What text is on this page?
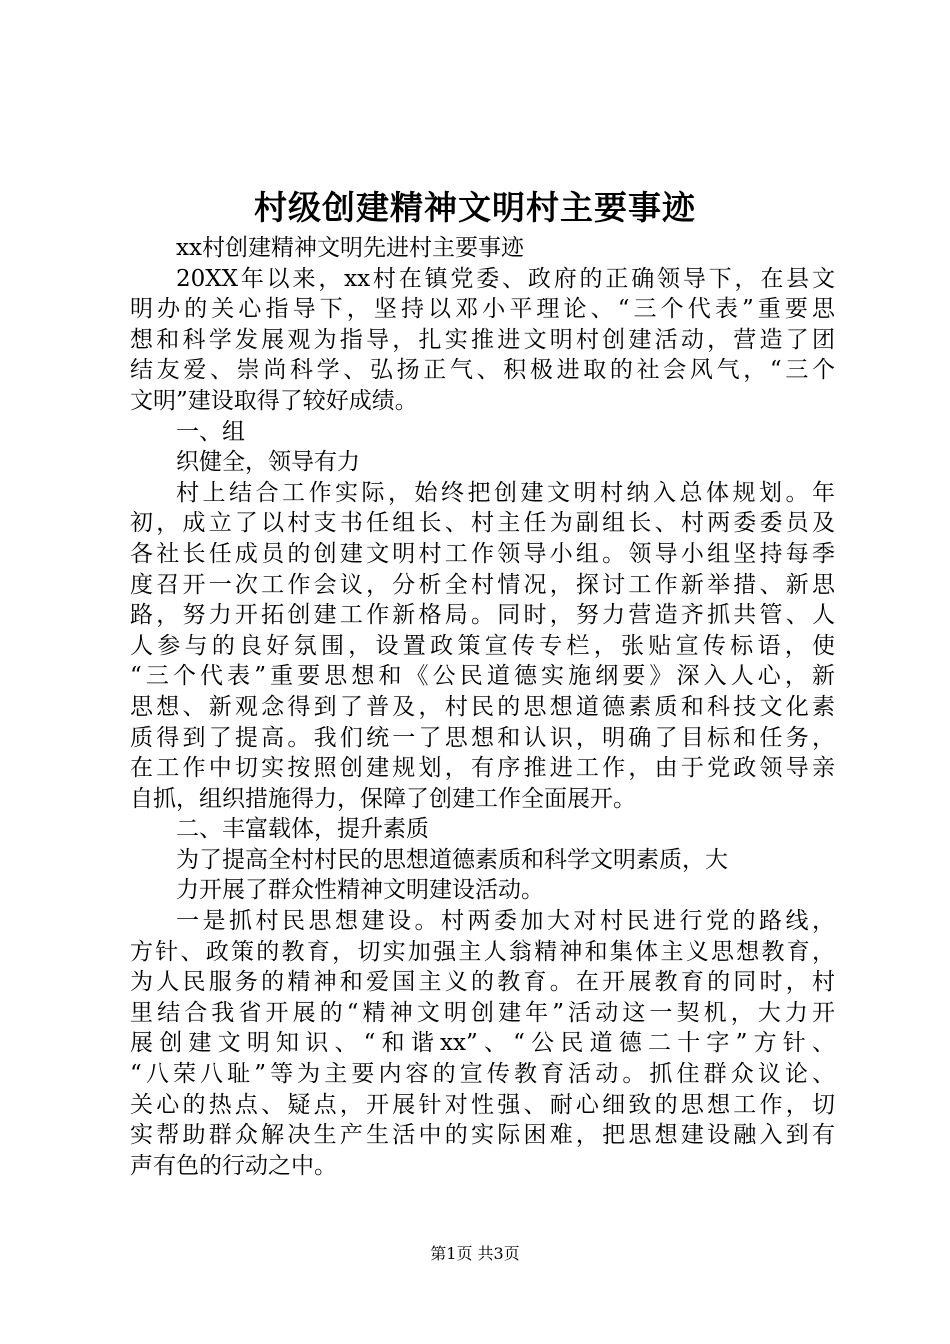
村级创建精神文明村主要事迹
xx村创建精神文明先进村主要事迹
20XX年以来，xx村在镇党委、政府的正确领导下，在县文
明办的关心指导下，坚持以邓小平理论、“三个代表”重要思
想和科学发展观为指导，扎实推进文明村创建活动，营造了团
结友爱、崇尚科学、弘扬正气、积极进取的社会风气，“三个
文明”建设取得了较好成绩。
一、组
织健全，领导有力
村上结合工作实际，始终把创建文明村纳入总体规划。年
初，成立了以村支书任组长、村主任为副组长、村两委委员及
各社长任成员的创建文明村工作领导小组。领导小组坚持每季
度召开一次工作会议，分析全村情况，探讨工作新举措、新思
路，努力开拓创建工作新格局。同时，努力营造齐抓共管、人
人参与的良好氛围，设置政策宣传专栏，张贴宣传标语，使
“三个代表”重要思想和《公民道德实施纲要》深入人心，新
思想、新观念得到了普及，村民的思想道德素质和科技文化素
质得到了提高。我们统一了思想和认识，明确了目标和任务，
在工作中切实按照创建规划，有序推进工作，由于党政领导亲
自抓，组织措施得力，保障了创建工作全面展开。
二、丰富载体，提升素质
为了提高全村村民的思想道德素质和科学文明素质，大
力开展了群众性精神文明建设活动。
一是抓村民思想建设。村两委加大对村民进行党的路线，
方针、政策的教育，切实加强主人翁精神和集体主义思想教育，
为人民服务的精神和爱国主义的教育。在开展教育的同时，村
里结合我省开展的“精神文明创建年”活动这一契机，大力开
展创建文明知识、“和谐xx”、“公民道德二十字”方针、
“八荣八耻”等为主要内容的宣传教育活动。抓住群众议论、
关心的热点、疑点，开展针对性强、耐心细致的思想工作，切
实帮助群众解决生产生活中的实际困难，把思想建设融入到有
声有色的行动之中。
第1页 共3页
